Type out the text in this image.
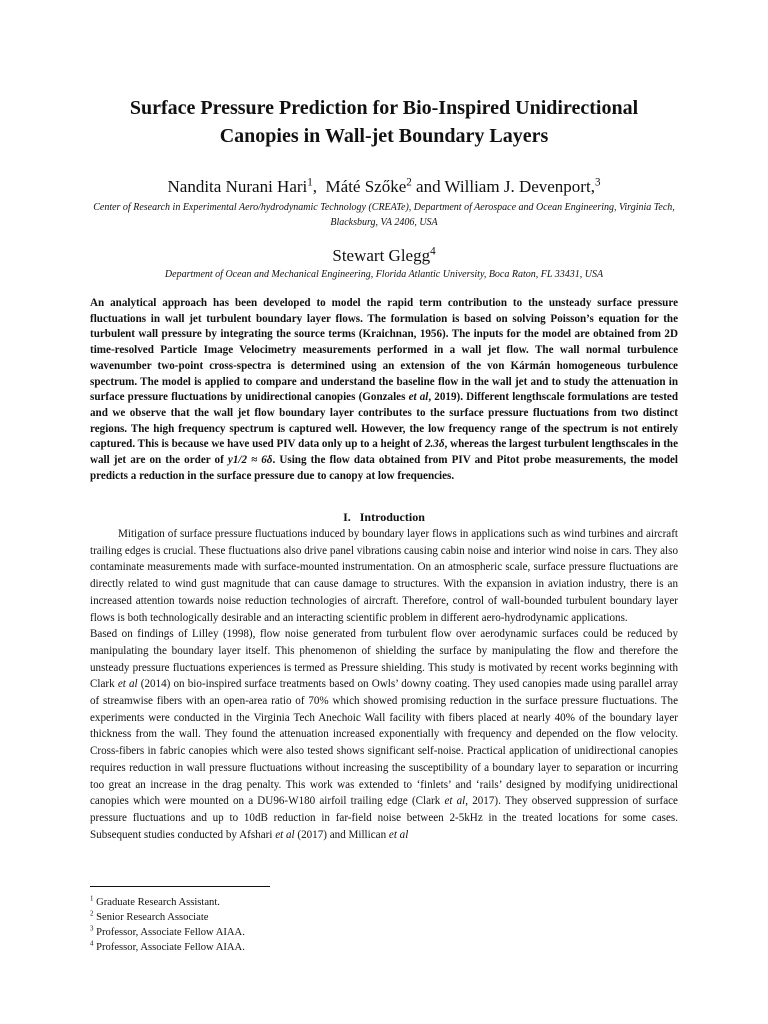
Surface Pressure Prediction for Bio-Inspired Unidirectional
Canopies in Wall-jet Boundary Layers
Nandita Nurani Hari$^1$,  Máté Szőke$^2$ and William J. Devenport,$^3$
Center of Research in Experimental Aero/hydrodynamic Technology (CREATe), Department of Aerospace and Ocean Engineering, Virginia Tech, Blacksburg, VA 2406, USA
Stewart Glegg$^4$
Department of Ocean and Mechanical Engineering, Florida Atlantic University, Boca Raton, FL 33431, USA
An analytical approach has been developed to model the rapid term contribution to the unsteady surface pressure fluctuations in wall jet turbulent boundary layer flows. The formulation is based on solving Poisson’s equation for the turbulent wall pressure by integrating the source terms (Kraichnan, 1956). The inputs for the model are obtained from 2D time-resolved Particle Image Velocimetry measurements performed in a wall jet flow. The wall normal turbulence wavenumber two-point cross-spectra is determined using an extension of the von Kármán homogeneous turbulence spectrum. The model is applied to compare and understand the baseline flow in the wall jet and to study the attenuation in surface pressure fluctuations by unidirectional canopies (Gonzales et al, 2019). Different lengthscale formulations are tested and we observe that the wall jet flow boundary layer contributes to the surface pressure fluctuations from two distinct regions. The high frequency spectrum is captured well. However, the low frequency range of the spectrum is not entirely captured. This is because we have used PIV data only up to a height of 2.3δ, whereas the largest turbulent lengthscales in the wall jet are on the order of y1/2 ≈ 6δ. Using the flow data obtained from PIV and Pitot probe measurements, the model predicts a reduction in the surface pressure due to canopy at low frequencies.
I.   Introduction

Mitigation of surface pressure fluctuations induced by boundary layer flows in applications such as wind turbines and aircraft trailing edges is crucial. These fluctuations also drive panel vibrations causing cabin noise and interior wind noise in cars. They also contaminate measurements made with surface-mounted instrumentation. On an atmospheric scale, surface pressure fluctuations are directly related to wind gust magnitude that can cause damage to structures. With the expansion in aviation industry, there is an increased attention towards noise reduction technologies of aircraft. Therefore, control of wall-bounded turbulent boundary layer flows is both technologically desirable and an interacting scientific problem in different aero-hydrodynamic applications.

Based on findings of Lilley (1998), flow noise generated from turbulent flow over aerodynamic surfaces could be reduced by manipulating the boundary layer itself. This phenomenon of shielding the surface by manipulating the flow and therefore the unsteady pressure fluctuations experiences is termed as Pressure shielding. This study is motivated by recent works beginning with Clark et al (2014) on bio-inspired surface treatments based on Owls’ downy coating. They used canopies made using parallel array of streamwise fibers with an open-area ratio of 70% which showed promising reduction in the surface pressure fluctuations. The experiments were conducted in the Virginia Tech Anechoic Wall facility with fibers placed at nearly 40% of the boundary layer thickness from the wall. They found the attenuation increased exponentially with frequency and depended on the flow velocity. Cross-fibers in fabric canopies which were also tested shows significant self-noise. Practical application of unidirectional canopies requires reduction in wall pressure fluctuations without increasing the susceptibility of a boundary layer to separation or incurring too great an increase in the drag penalty. This work was extended to ‘finlets’ and ‘rails’ designed by modifying unidirectional canopies which were mounted on a DU96-W180 airfoil trailing edge (Clark et al, 2017). They observed suppression of surface pressure fluctuations and up to 10dB reduction in far-field noise between 2-5kHz in the treated locations for some cases. Subsequent studies conducted by Afshari et al (2017) and Millican et al

$^1$ Graduate Research Assistant.

$^2$ Senior Research Associate

$^3$ Professor, Associate Fellow AIAA.

$^4$ Professor, Associate Fellow AIAA.
